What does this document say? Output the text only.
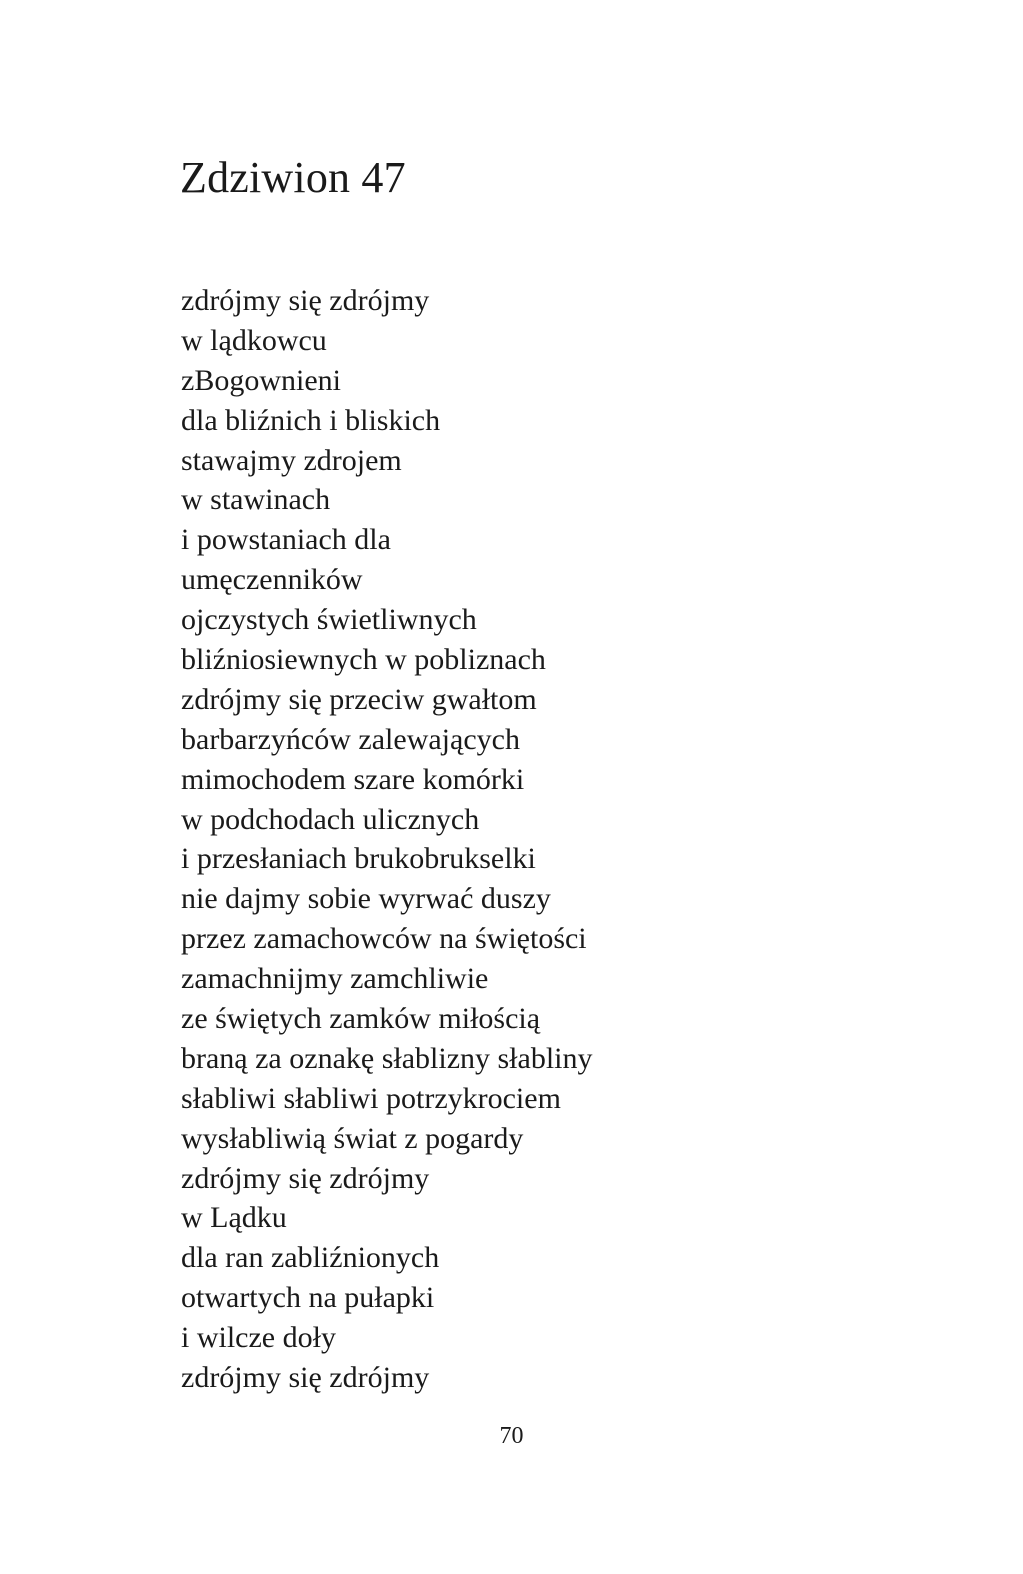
Zdziwion 47
zdrójmy się zdrójmy
w lądkowcu
zBogownieni
dla bliźnich i bliskich
stawajmy zdrojem
w stawinach
i powstaniach dla
umęczenników
ojczystych świetliwnych
bliźniosiewnych w pobliznach
zdrójmy się przeciw gwałtom
barbarzyńców zalewających
mimochodem szare komórki
w podchodach ulicznych
i przesłaniach brukobrukselki
nie dajmy sobie wyrwać duszy
przez zamachowców na świętości
zamachnijmy zamchliwie
ze świętych zamków miłością
braną za oznakę słablizny słabliny
słabliwi słabliwi potrzykrociem
wysłabliwią świat z pogardy
zdrójmy się zdrójmy
w Lądku
dla ran zabliźnionych
otwartych na pułapki
i wilcze doły
zdrójmy się zdrójmy
70
